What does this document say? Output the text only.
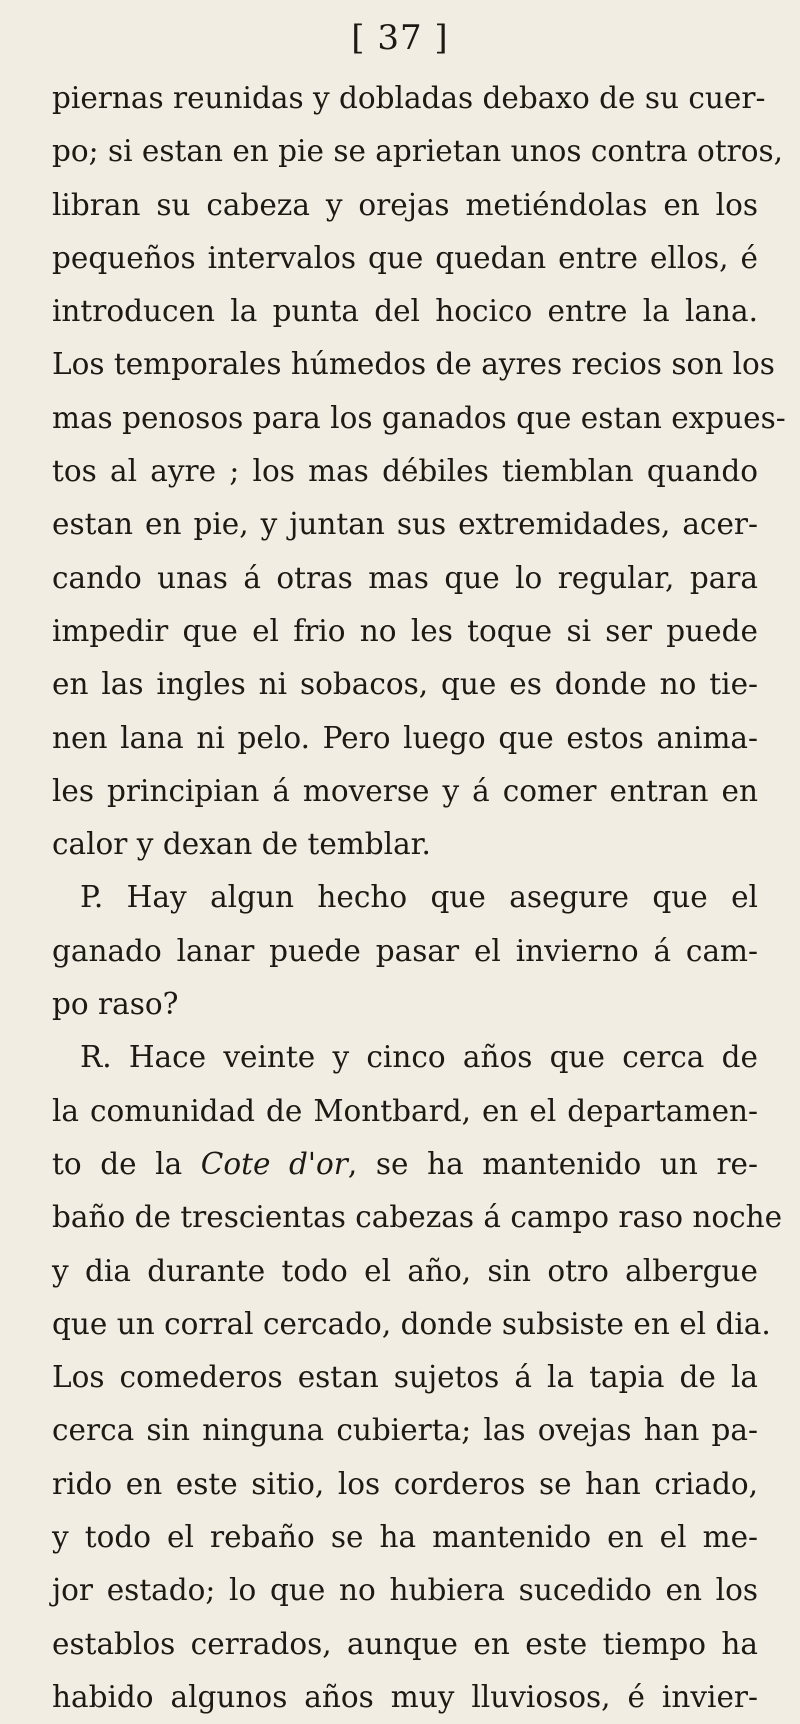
[ 37 ]
piernas reunidas y dobladas debaxo de su cuer-
po; si estan en pie se aprietan unos contra otros,
libran su cabeza y orejas metiéndolas en los
pequeños intervalos que quedan entre ellos, é
introducen la punta del hocico entre la lana.
Los temporales húmedos de ayres recios son los
mas penosos para los ganados que estan expues-
tos al ayre ; los mas débiles tiemblan quando
estan en pie, y juntan sus extremidades, acer-
cando unas á otras mas que lo regular, para
impedir que el frio no les toque si ser puede
en las ingles ni sobacos, que es donde no tie-
nen lana ni pelo. Pero luego que estos anima-
les principian á moverse y á comer entran en
calor y dexan de temblar.
P. Hay algun hecho que asegure que el
ganado lanar puede pasar el invierno á cam-
po raso?
R. Hace veinte y cinco años que cerca de
la comunidad de Montbard, en el departamen-
to de la Cote d'or, se ha mantenido un re-
baño de trescientas cabezas á campo raso noche
y dia durante todo el año, sin otro albergue
que un corral cercado, donde subsiste en el dia.
Los comederos estan sujetos á la tapia de la
cerca sin ninguna cubierta; las ovejas han pa-
rido en este sitio, los corderos se han criado,
y todo el rebaño se ha mantenido en el me-
jor estado; lo que no hubiera sucedido en los
establos cerrados, aunque en este tiempo ha
habido algunos años muy lluviosos, é invier-
